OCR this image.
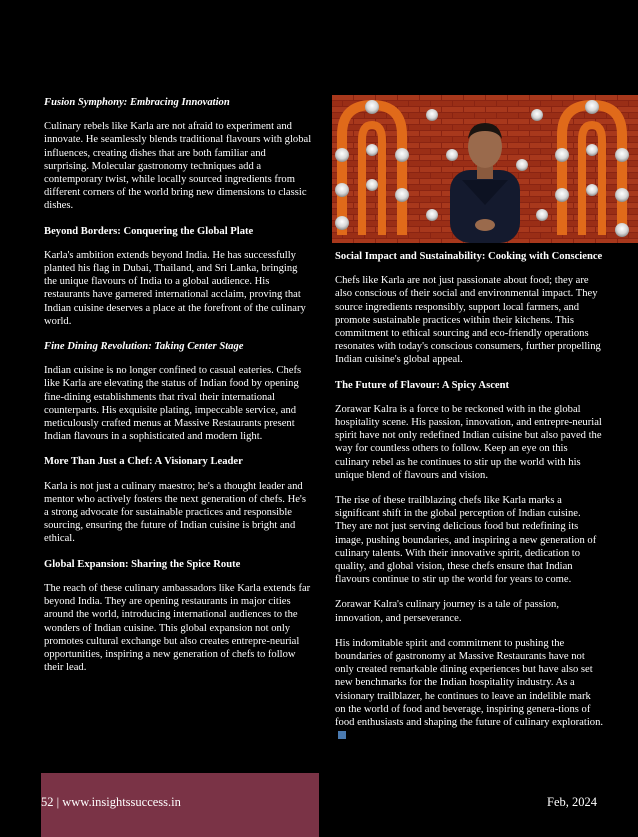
Fusion Symphony: Embracing Innovation

Culinary rebels like Karla are not afraid to experiment and innovate. He seamlessly blends traditional flavours with global influences, creating dishes that are both familiar and surprising. Molecular gastronomy techniques add a contemporary twist, while locally sourced ingredients from different corners of the world bring new dimensions to classic dishes.

Beyond Borders: Conquering the Global Plate

Karla's ambition extends beyond India. He has successfully planted his flag in Dubai, Thailand, and Sri Lanka, bringing the unique flavours of India to a global audience. His restaurants have garnered international acclaim, proving that Indian cuisine deserves a place at the forefront of the culinary world.

Fine Dining Revolution: Taking Center Stage

Indian cuisine is no longer confined to casual eateries. Chefs like Karla are elevating the status of Indian food by opening fine-dining establishments that rival their international counterparts. His exquisite plating, impeccable service, and meticulously crafted menus at Massive Restaurants present Indian flavours in a sophisticated and modern light.

More Than Just a Chef: A Visionary Leader

Karla is not just a culinary maestro; he's a thought leader and mentor who actively fosters the next generation of chefs. He's a strong advocate for sustainable practices and responsible sourcing, ensuring the future of Indian cuisine is bright and ethical.

Global Expansion: Sharing the Spice Route

The reach of these culinary ambassadors like Karla extends far beyond India. They are opening restaurants in major cities around the world, introducing international audiences to the wonders of Indian cuisine. This global expansion not only promotes cultural exchange but also creates entrepre-neurial opportunities, inspiring a new generation of chefs to follow their lead.

Social Impact and Sustainability: Cooking with Conscience

Chefs like Karla are not just passionate about food; they are also conscious of their social and environmental impact. They source ingredients responsibly, support local farmers, and promote sustainable practices within their kitchens. This commitment to ethical sourcing and eco-friendly operations resonates with today's conscious consumers, further propelling Indian cuisine's global appeal.

The Future of Flavour: A Spicy Ascent

Zorawar Kalra is a force to be reckoned with in the global hospitality scene. His passion, innovation, and entrepre-neurial spirit have not only redefined Indian cuisine but also paved the way for countless others to follow. Keep an eye on this culinary rebel as he continues to stir up the world with his unique blend of flavours and vision.

The rise of these trailblazing chefs like Karla marks a significant shift in the global perception of Indian cuisine. They are not just serving delicious food but redefining its image, pushing boundaries, and inspiring a new generation of culinary talents. With their innovative spirit, dedication to quality, and global vision, these chefs ensure that Indian flavours continue to stir up the world for years to come.

Zorawar Kalra's culinary journey is a tale of passion, innovation, and perseverance.

His indomitable spirit and commitment to pushing the boundaries of gastronomy at Massive Restaurants have not only created remarkable dining experiences but have also set new benchmarks for the Indian hospitality industry. As a visionary trailblazer, he continues to leave an indelible mark on the world of food and beverage, inspiring genera-tions of food enthusiasts and shaping the future of culinary exploration.

52 | www.insightssuccess.in	Feb, 2024
